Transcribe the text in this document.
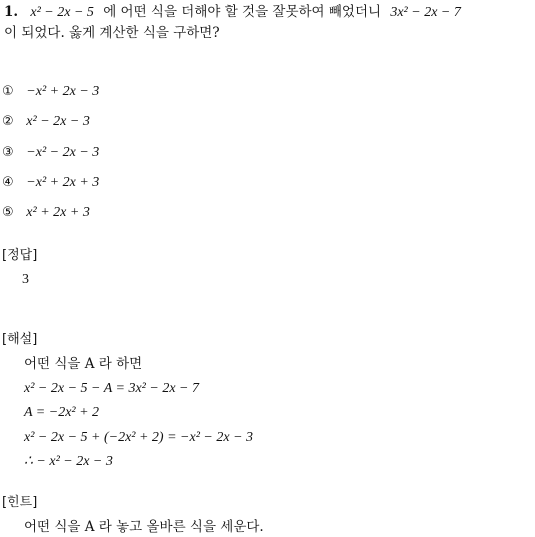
1. x² − 2x − 5 에 어떤 식을 더해야 할 것을 잘못하여 빼었더니 3x² − 2x − 7
이 되었다. 옳게 계산한 식을 구하면?
① −x² + 2x − 3
② x² − 2x − 3
③ −x² − 2x − 3
④ −x² + 2x + 3
⑤ x² + 2x + 3
[정답]
3
[해설]
어떤 식을 A 라 하면
x² − 2x − 5 − A = 3x² − 2x − 7
A = −2x² + 2
x² − 2x − 5 + (−2x² + 2) = −x² − 2x − 3
∴ − x² − 2x − 3
[힌트]
어떤 식을 A 라 놓고 올바른 식을 세운다.
